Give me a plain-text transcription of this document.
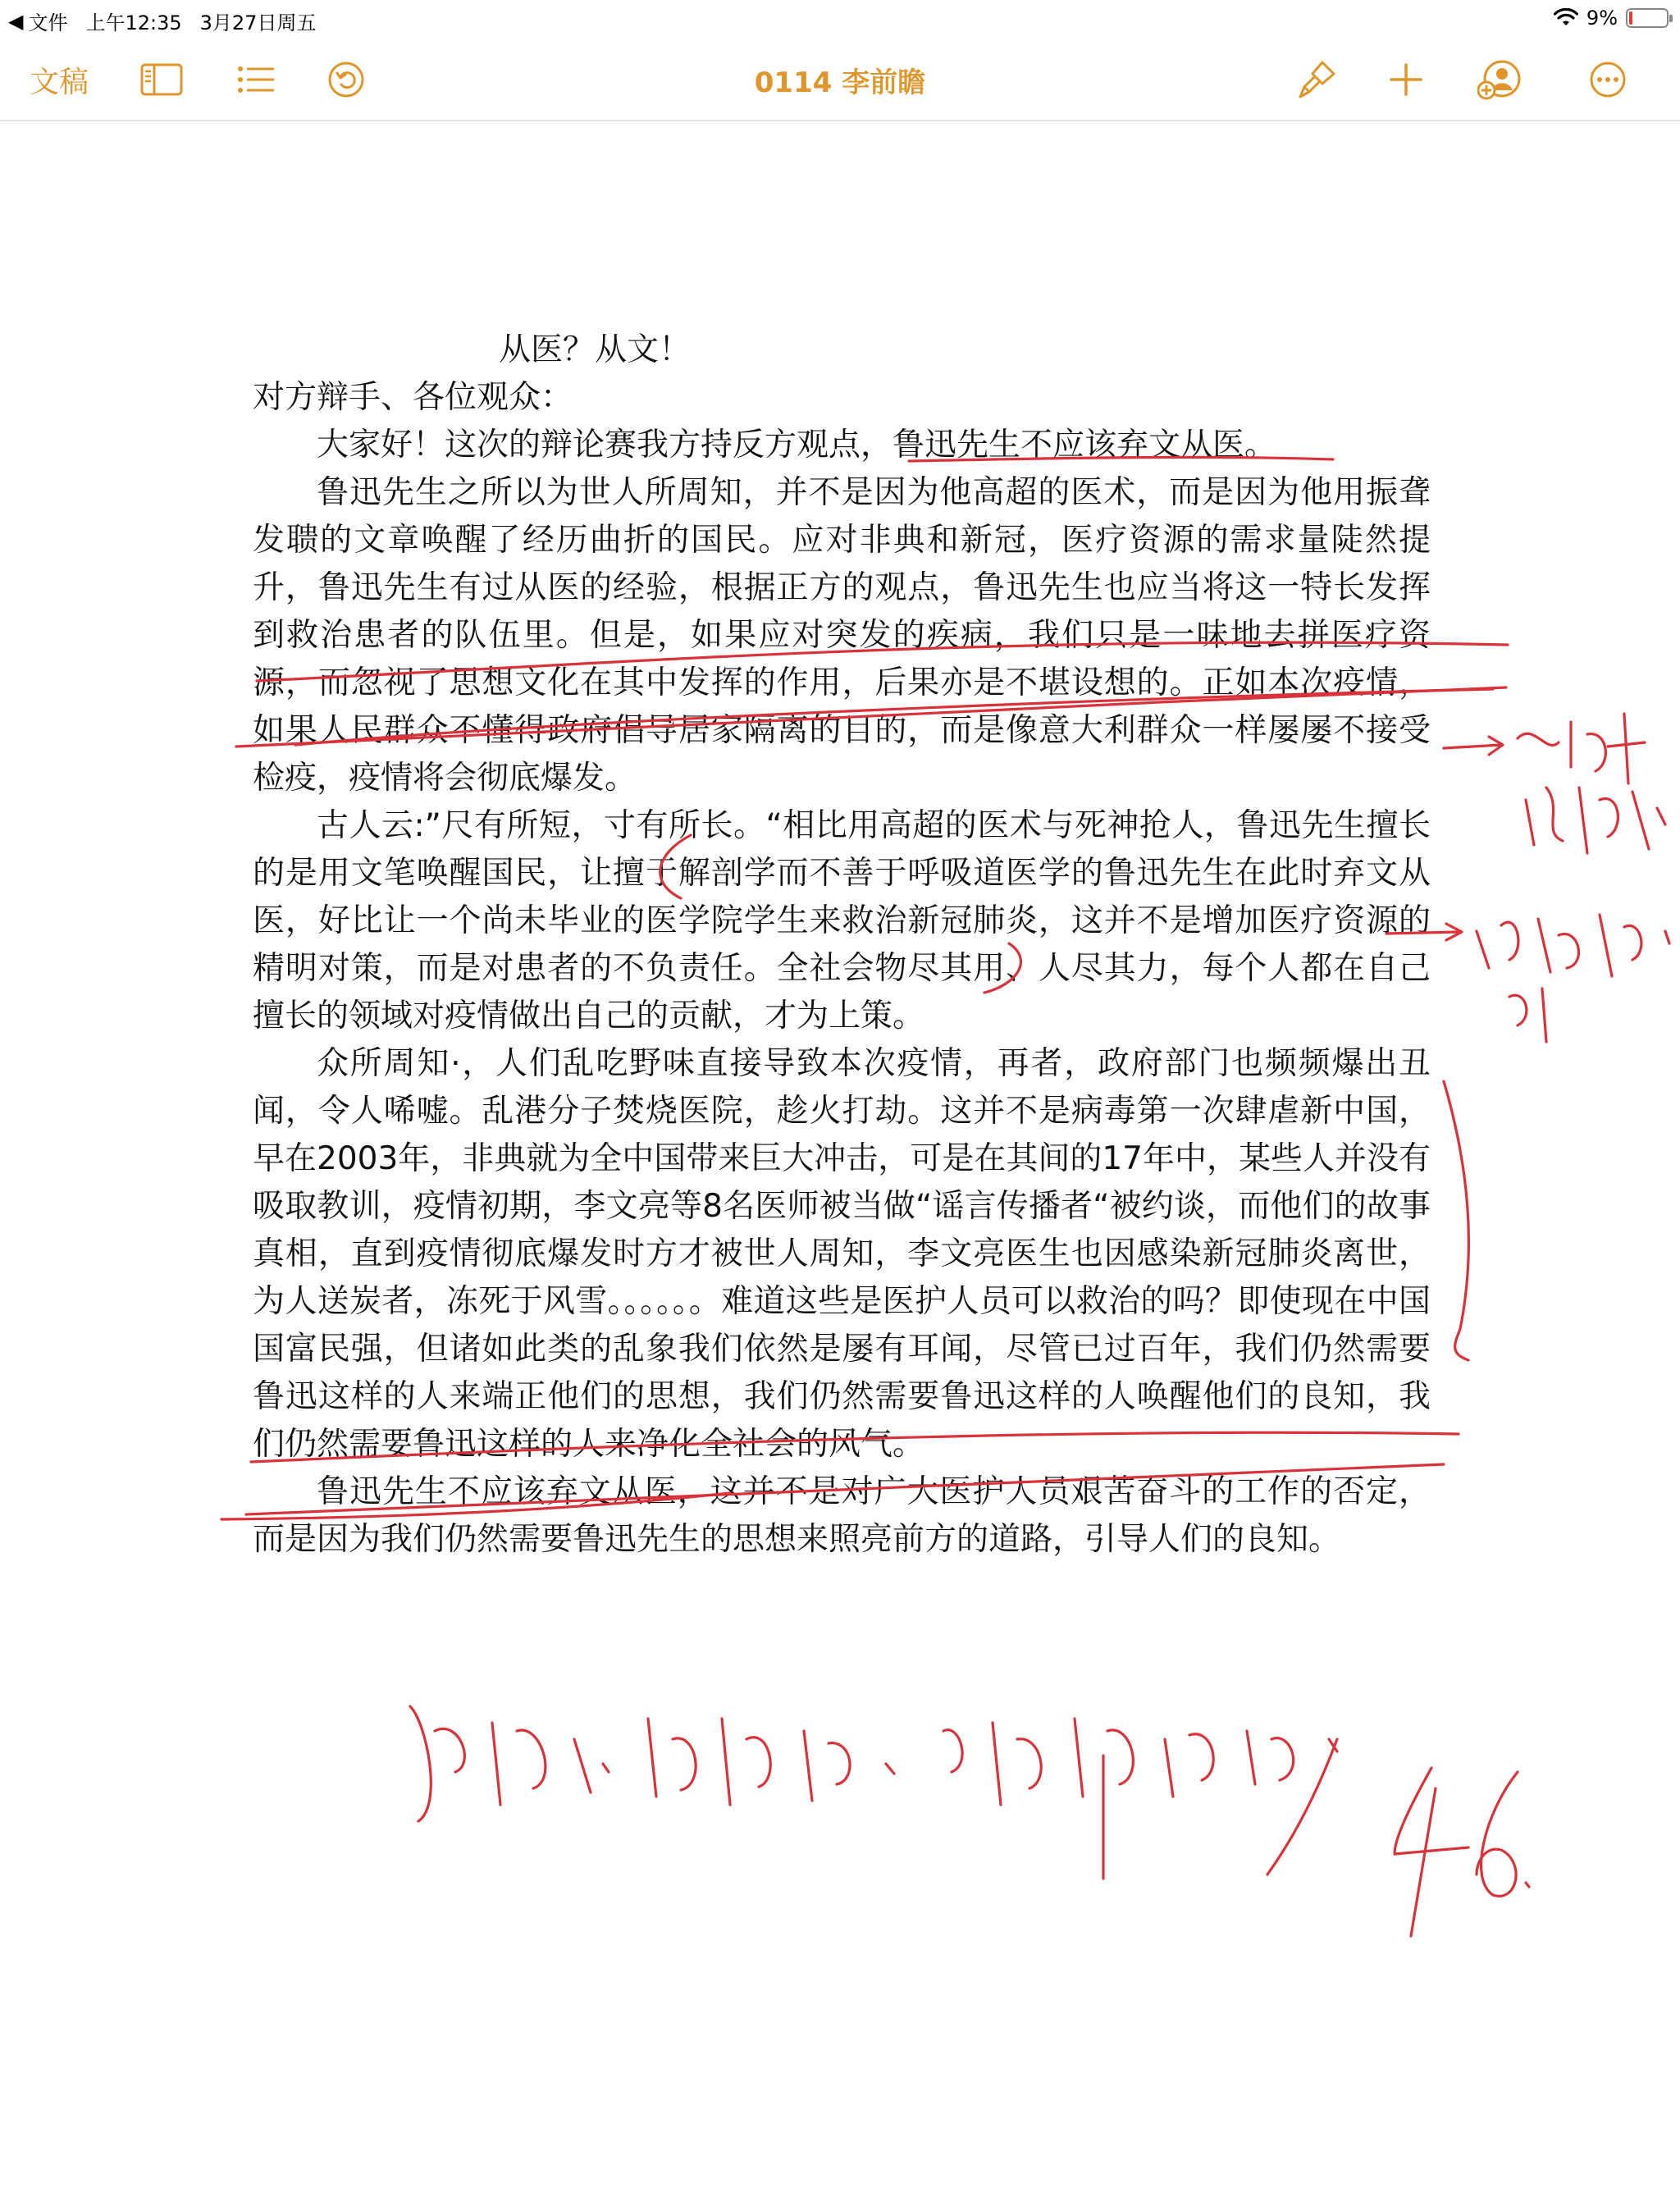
◀ 文件 上午12:35 3月27日周五	9%
文稿	0114 李前瞻

从医？从文！

对方辩手、各位观众：

大家好！这次的辩论赛我方持反方观点，鲁迅先生不应该弃文从医。

鲁迅先生之所以为世人所周知，并不是因为他高超的医术，而是因为他用振聋发聩的文章唤醒了经历曲折的国民。应对非典和新冠，医疗资源的需求量陡然提升，鲁迅先生有过从医的经验，根据正方的观点，鲁迅先生也应当将这一特长发挥到救治患者的队伍里。但是，如果应对突发的疾病，我们只是一味地去拼医疗资源，而忽视了思想文化在其中发挥的作用，后果亦是不堪设想的。正如本次疫情，如果人民群众不懂得政府倡导居家隔离的目的，而是像意大利群众一样屡屡不接受检疫，疫情将会彻底爆发。

古人云:”尺有所短，寸有所长。“相比用高超的医术与死神抢人，鲁迅先生擅长的是用文笔唤醒国民，让擅于解剖学而不善于呼吸道医学的鲁迅先生在此时弃文从医，好比让一个尚未毕业的医学院学生来救治新冠肺炎，这并不是增加医疗资源的精明对策，而是对患者的不负责任。全社会物尽其用、人尽其力，每个人都在自己擅长的领域对疫情做出自己的贡献，才为上策。

众所周知·，人们乱吃野味直接导致本次疫情，再者，政府部门也频频爆出丑闻，令人唏嘘。乱港分子焚烧医院，趁火打劫。这并不是病毒第一次肆虐新中国，早在2003年，非典就为全中国带来巨大冲击，可是在其间的17年中，某些人并没有吸取教训，疫情初期，李文亮等8名医师被当做“谣言传播者“被约谈，而他们的故事真相，直到疫情彻底爆发时方才被世人周知，李文亮医生也因感染新冠肺炎离世，为人送炭者，冻死于风雪。。。。。。难道这些是医护人员可以救治的吗？即使现在中国国富民强，但诸如此类的乱象我们依然是屡有耳闻，尽管已过百年，我们仍然需要鲁迅这样的人来端正他们的思想，我们仍然需要鲁迅这样的人唤醒他们的良知，我们仍然需要鲁迅这样的人来净化全社会的风气。

鲁迅先生不应该弃文从医，这并不是对广大医护人员艰苦奋斗的工作的否定，而是因为我们仍然需要鲁迅先生的思想来照亮前方的道路，引导人们的良知。
